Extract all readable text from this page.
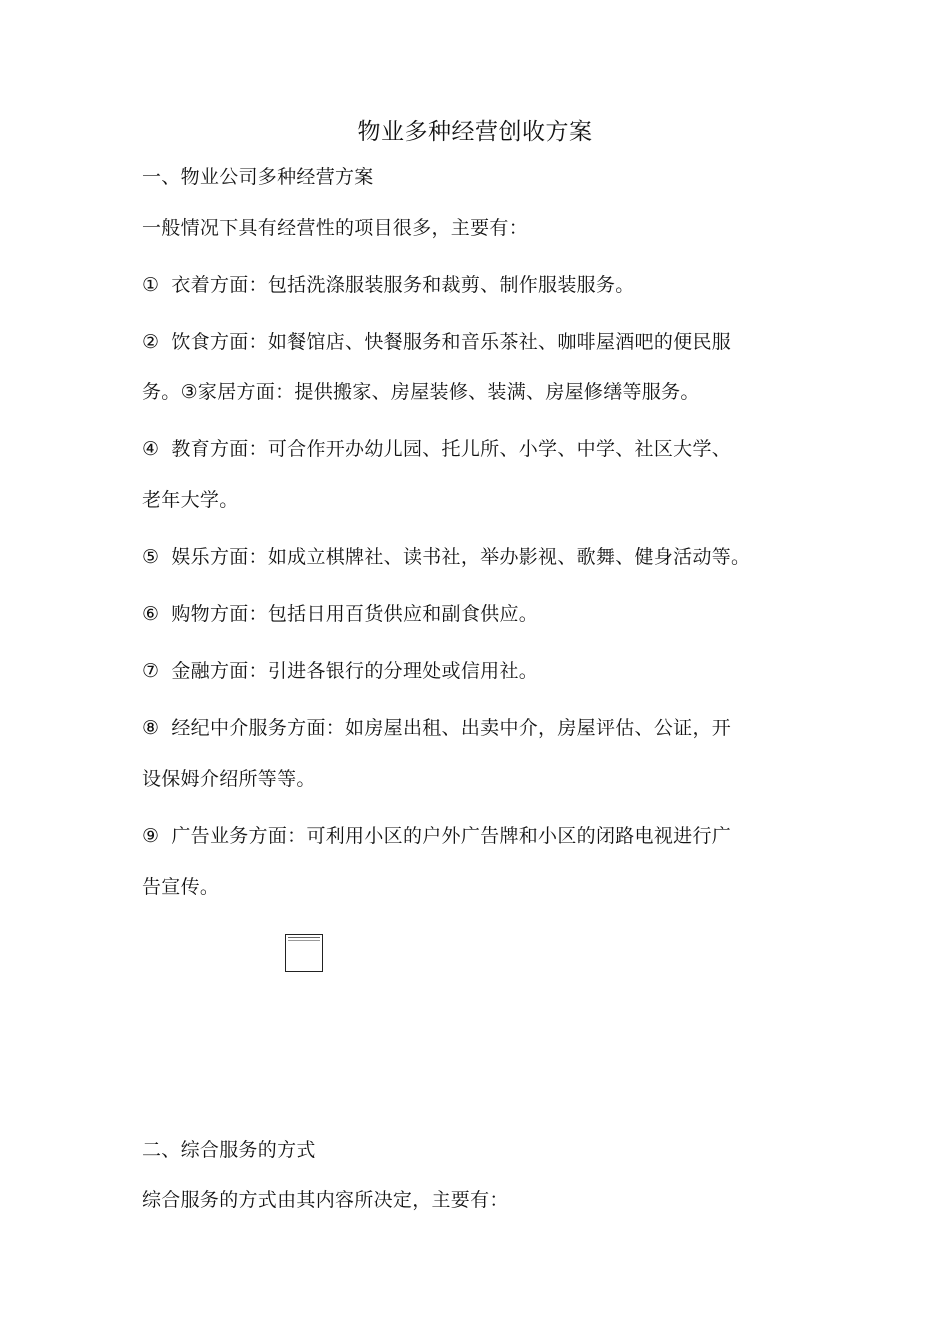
物业多种经营创收方案
一、物业公司多种经营方案
一般情况下具有经营性的项目很多，主要有：
① 衣着方面：包括洗涤服装服务和裁剪、制作服装服务。
② 饮食方面：如餐馆店、快餐服务和音乐茶社、咖啡屋酒吧的便民服
务。③家居方面：提供搬家、房屋装修、装满、房屋修缮等服务。
④ 教育方面：可合作开办幼儿园、托儿所、小学、中学、社区大学、
老年大学。
⑤ 娱乐方面：如成立棋牌社、读书社，举办影视、歌舞、健身活动等。
⑥ 购物方面：包括日用百货供应和副食供应。
⑦ 金融方面：引进各银行的分理处或信用社。
⑧ 经纪中介服务方面：如房屋出租、出卖中介，房屋评估、公证，开
设保姆介绍所等等。
⑨ 广告业务方面：可利用小区的户外广告牌和小区的闭路电视进行广
告宣传。
二、综合服务的方式
综合服务的方式由其内容所决定，主要有：
